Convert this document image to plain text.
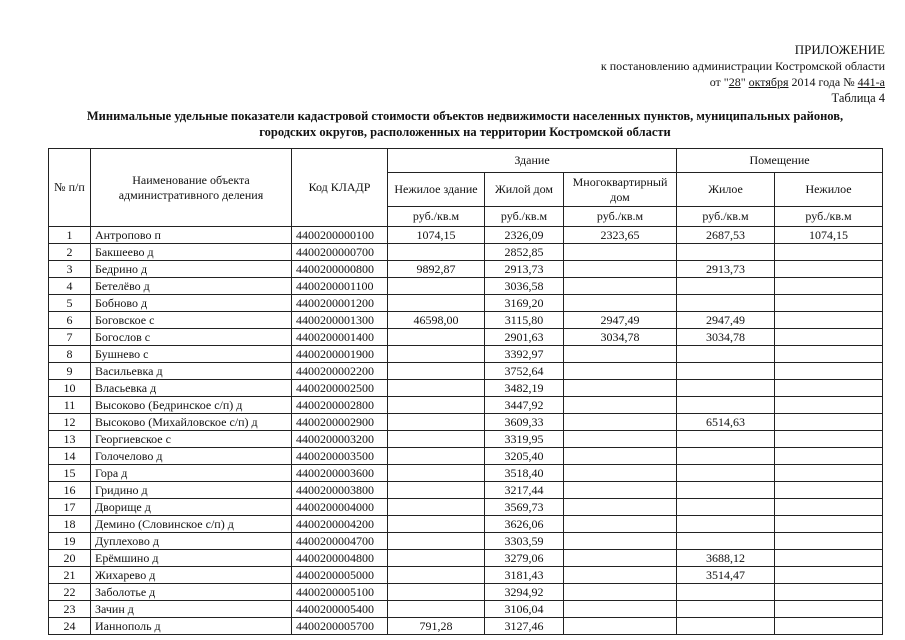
ПРИЛОЖЕНИЕ
к постановлению администрации Костромской области
от "28" октября 2014 года № 441-а
Таблица 4
Минимальные удельные показатели кадастровой стоимости объектов недвижимости населенных пунктов, муниципальных районов,
городских округов, расположенных на территории Костромской области
№ п/п	Наименование объекта административного деления	Код КЛАДР	Здание			Помещение	
			Нежилое здание	Жилой дом	Многоквартирный дом	Жилое	Нежилое
			руб./кв.м	руб./кв.м	руб./кв.м	руб./кв.м	руб./кв.м
1	Антропово п	4400200000100	1074,15	2326,09	2323,65	2687,53	1074,15
2	Бакшеево д	4400200000700		2852,85			
3	Бедрино д	4400200000800	9892,87	2913,73		2913,73	
4	Бетелёво д	4400200001100		3036,58			
5	Бобново д	4400200001200		3169,20			
6	Боговское с	4400200001300	46598,00	3115,80	2947,49	2947,49	
7	Богослов с	4400200001400		2901,63	3034,78	3034,78	
8	Бушнево с	4400200001900		3392,97			
9	Васильевка д	4400200002200		3752,64			
10	Власьевка д	4400200002500		3482,19			
11	Высоково (Бедринское с/п) д	4400200002800		3447,92			
12	Высоково (Михайловское с/п) д	4400200002900		3609,33		6514,63	
13	Георгиевское с	4400200003200		3319,95			
14	Голочелово д	4400200003500		3205,40			
15	Гора д	4400200003600		3518,40			
16	Гридино д	4400200003800		3217,44			
17	Дворище д	4400200004000		3569,73			
18	Демино (Словинское с/п) д	4400200004200		3626,06			
19	Дуплехово д	4400200004700		3303,59			
20	Ерёмшино д	4400200004800		3279,06		3688,12	
21	Жихарево д	4400200005000		3181,43		3514,47	
22	Заболотье д	4400200005100		3294,92			
23	Зачин д	4400200005400		3106,04			
24	Ианнополь д	4400200005700	791,28	3127,46			
